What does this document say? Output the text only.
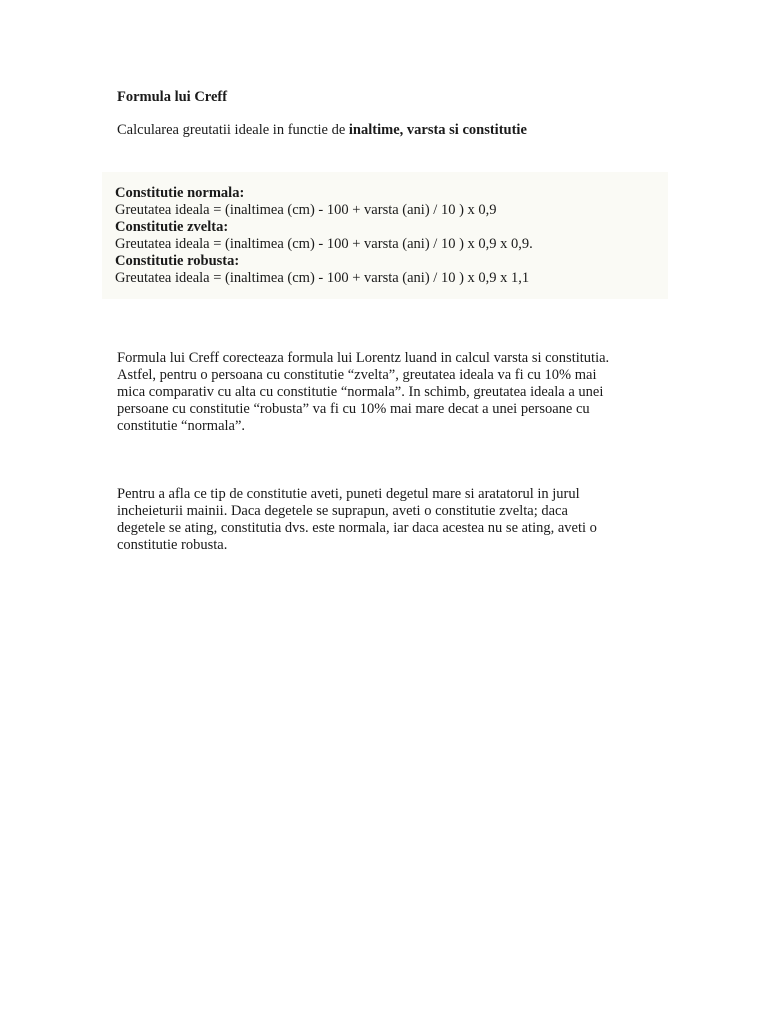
Formula lui Creff
Calcularea greutatii ideale in functie de inaltime, varsta si constitutie
Constitutie normala:
Greutatea ideala = (inaltimea (cm) - 100 + varsta (ani) / 10 ) x 0,9
Constitutie zvelta:
Greutatea ideala = (inaltimea (cm) - 100 + varsta (ani) / 10 ) x 0,9 x 0,9.
Constitutie robusta:
Greutatea ideala = (inaltimea (cm) - 100 + varsta (ani) / 10 ) x 0,9 x 1,1
Formula lui Creff corecteaza formula lui Lorentz luand in calcul varsta si constitutia.
Astfel, pentru o persoana cu constitutie “zvelta”, greutatea ideala va fi cu 10% mai
mica comparativ cu alta cu constitutie “normala”. In schimb, greutatea ideala a unei
persoane cu constitutie “robusta” va fi cu 10% mai mare decat a unei persoane cu
constitutie “normala”.
Pentru a afla ce tip de constitutie aveti, puneti degetul mare si aratatorul in jurul
incheieturii mainii. Daca degetele se suprapun, aveti o constitutie zvelta; daca
degetele se ating, constitutia dvs. este normala, iar daca acestea nu se ating, aveti o
constitutie robusta.
